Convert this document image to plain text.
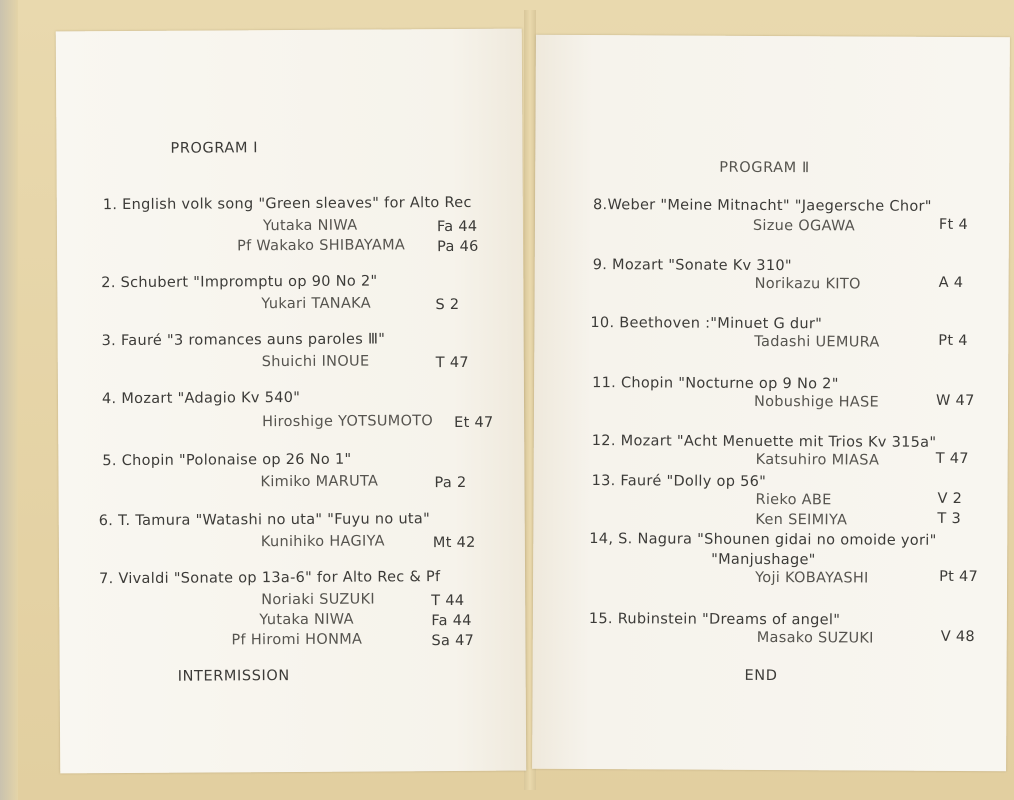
PROGRAM Ⅰ
1. English volk song "Green sleaves" for Alto Rec
Yutaka NIWA	Fa 44
Pf Wakako SHIBAYAMA Pa 46
2. Schubert "Impromptu op 90 No 2"
Yukari TANAKA	S 2
3. Fauré "3 romances auns paroles Ⅲ"
Shuichi INOUE	T 47
4. Mozart "Adagio Kv 540"
Hiroshige YOTSUMOTO Et 47
5. Chopin "Polonaise op 26 No 1"
Kimiko MARUTA	Pa 2
6. T. Tamura "Watashi no uta" "Fuyu no uta"
Kunihiko HAGIYA	Mt 42
7. Vivaldi "Sonate op 13a-6" for Alto Rec & Pf
Noriaki SUZUKI	T 44
Yutaka NIWA	Fa 44
Pf Hiromi HONMA	Sa 47
INTERMISSION
PROGRAM Ⅱ
8.Weber "Meine Mitnacht" "Jaegersche Chor"
Sizue OGAWA	Ft 4
9. Mozart "Sonate Kv 310"
Norikazu KITO	A 4
10. Beethoven :"Minuet G dur"
Tadashi UEMURA	Pt 4
11. Chopin "Nocturne op 9 No 2"
Nobushige HASE	W 47
12. Mozart "Acht Menuette mit Trios Kv 315a"
Katsuhiro MIASA	T 47
13. Fauré "Dolly op 56"
Rieko ABE	V 2
Ken SEIMIYA	T 3
14, S. Nagura "Shounen gidai no omoide yori"
"Manjushage"
Yoji KOBAYASHI	Pt 47
15. Rubinstein "Dreams of angel"
Masako SUZUKI	V 48
END
